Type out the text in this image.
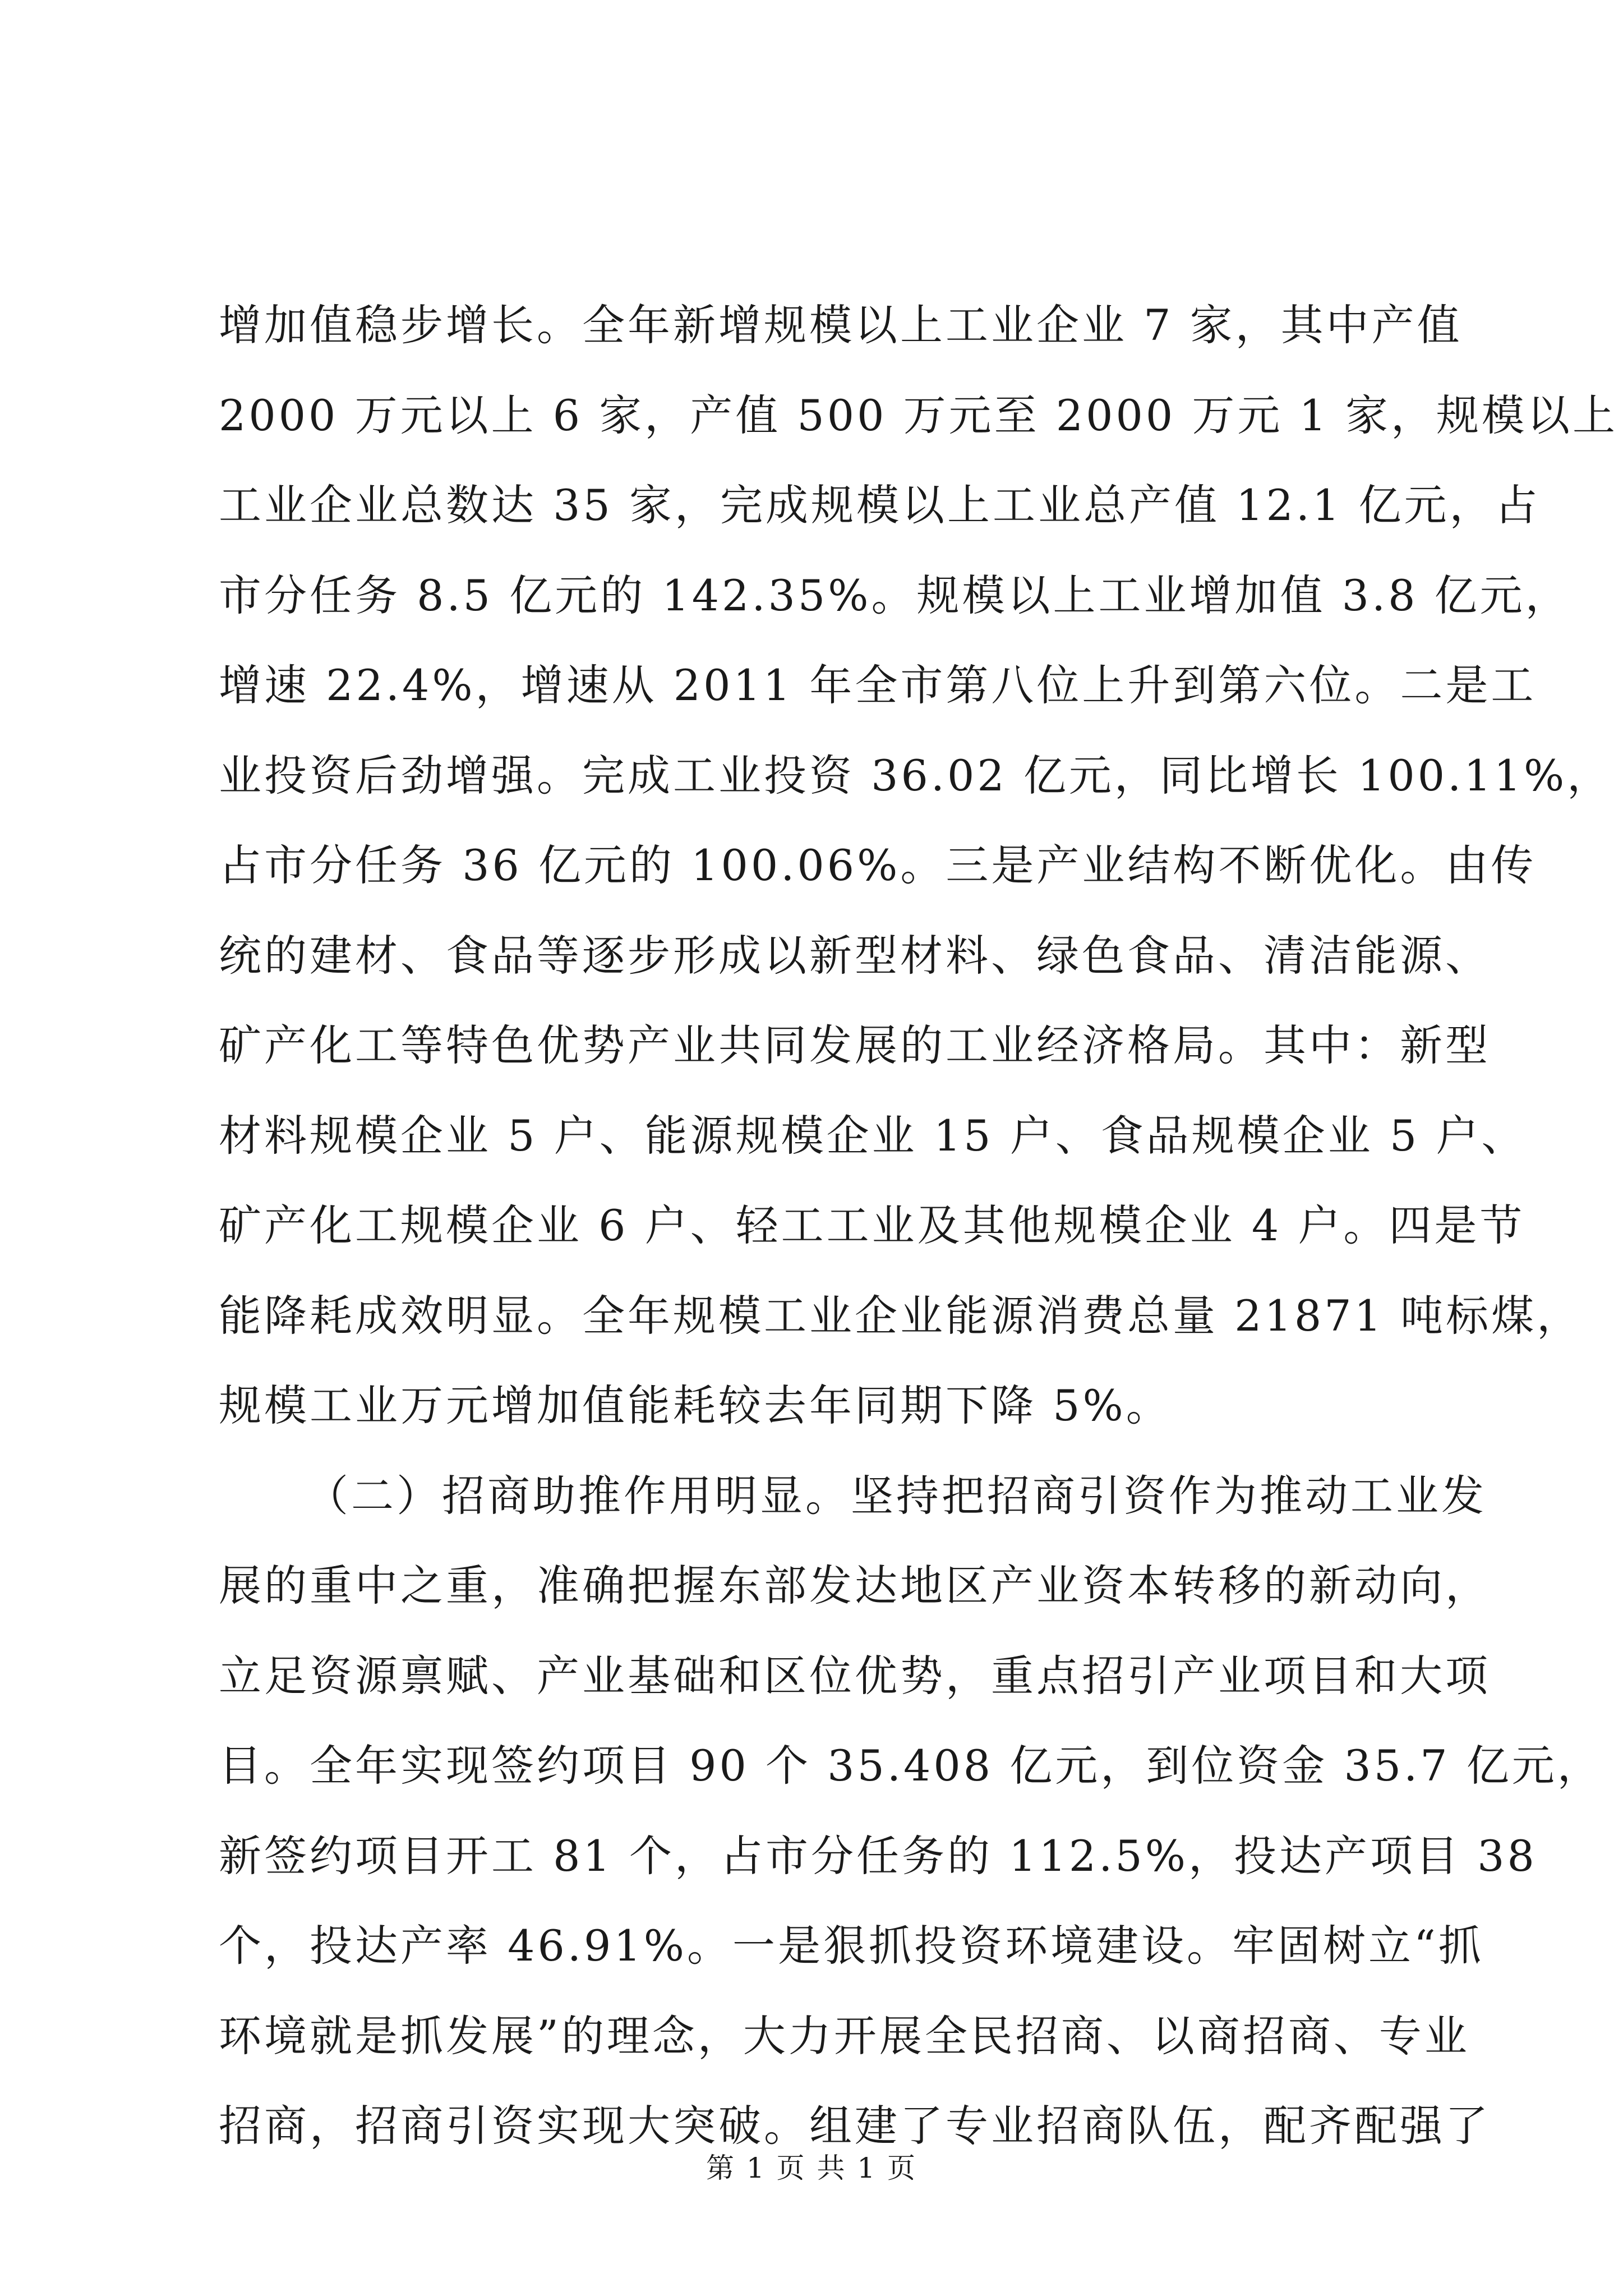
增加值稳步增长。全年新增规模以上工业企业 7 家，其中产值
2000 万元以上 6 家，产值 500 万元至 2000 万元 1 家，规模以上
工业企业总数达 35 家，完成规模以上工业总产值 12.1 亿元，占
市分任务 8.5 亿元的 142.35%。规模以上工业增加值 3.8 亿元，
增速 22.4%，增速从 2011 年全市第八位上升到第六位。二是工
业投资后劲增强。完成工业投资 36.02 亿元，同比增长 100.11%，
占市分任务 36 亿元的 100.06%。三是产业结构不断优化。由传
统的建材、食品等逐步形成以新型材料、绿色食品、清洁能源、
矿产化工等特色优势产业共同发展的工业经济格局。其中：新型
材料规模企业 5 户、能源规模企业 15 户、食品规模企业 5 户、
矿产化工规模企业 6 户、轻工工业及其他规模企业 4 户。四是节
能降耗成效明显。全年规模工业企业能源消费总量 21871 吨标煤，
规模工业万元增加值能耗较去年同期下降 5%。
（二）招商助推作用明显。坚持把招商引资作为推动工业发
展的重中之重，准确把握东部发达地区产业资本转移的新动向，
立足资源禀赋、产业基础和区位优势，重点招引产业项目和大项
目。全年实现签约项目 90 个 35.408 亿元，到位资金 35.7 亿元，
新签约项目开工 81 个，占市分任务的 112.5%，投达产项目 38
个，投达产率 46.91%。一是狠抓投资环境建设。牢固树立“抓
环境就是抓发展”的理念，大力开展全民招商、以商招商、专业
招商，招商引资实现大突破。组建了专业招商队伍，配齐配强了
第 1 页 共 1 页
